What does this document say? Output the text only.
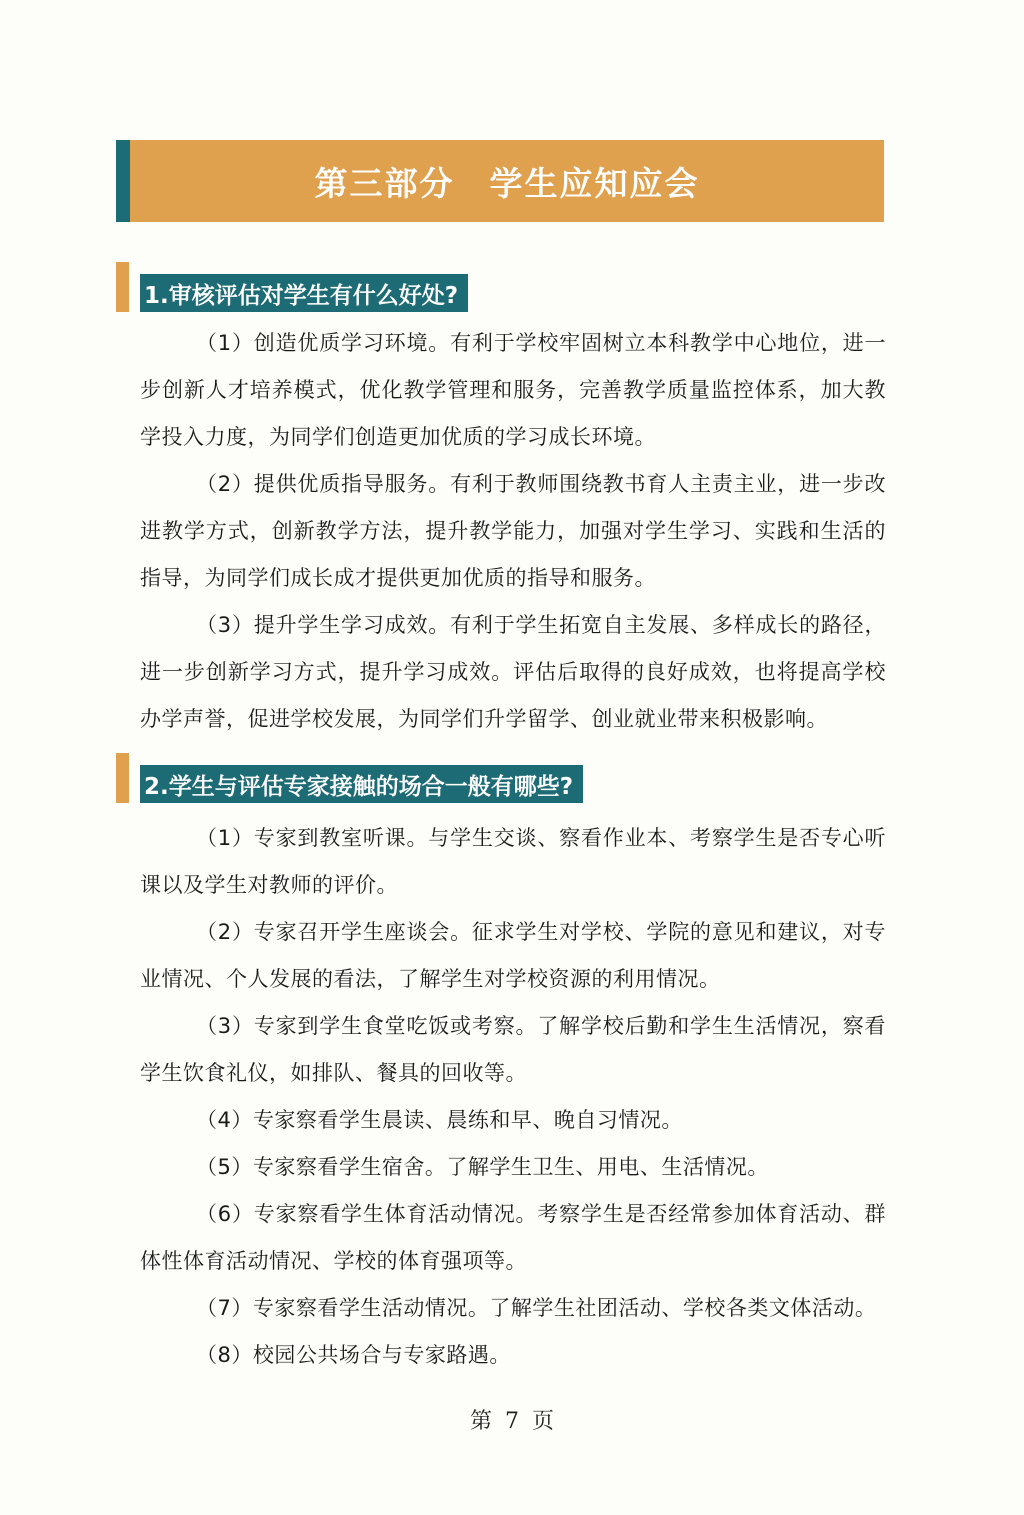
第三部分　学生应知应会
1.审核评估对学生有什么好处?

（1）创造优质学习环境。有利于学校牢固树立本科教学中心地位，进一步创新人才培养模式，优化教学管理和服务，完善教学质量监控体系，加大教学投入力度，为同学们创造更加优质的学习成长环境。

（2）提供优质指导服务。有利于教师围绕教书育人主责主业，进一步改进教学方式，创新教学方法，提升教学能力，加强对学生学习、实践和生活的指导，为同学们成长成才提供更加优质的指导和服务。

（3）提升学生学习成效。有利于学生拓宽自主发展、多样成长的路径，进一步创新学习方式，提升学习成效。评估后取得的良好成效，也将提高学校办学声誉，促进学校发展，为同学们升学留学、创业就业带来积极影响。

2.学生与评估专家接触的场合一般有哪些?

（1）专家到教室听课。与学生交谈、察看作业本、考察学生是否专心听课以及学生对教师的评价。

（2）专家召开学生座谈会。征求学生对学校、学院的意见和建议，对专业情况、个人发展的看法，了解学生对学校资源的利用情况。

（3）专家到学生食堂吃饭或考察。了解学校后勤和学生生活情况，察看学生饮食礼仪，如排队、餐具的回收等。

（4）专家察看学生晨读、晨练和早、晚自习情况。

（5）专家察看学生宿舍。了解学生卫生、用电、生活情况。

（6）专家察看学生体育活动情况。考察学生是否经常参加体育活动、群体性体育活动情况、学校的体育强项等。

（7）专家察看学生活动情况。了解学生社团活动、学校各类文体活动。

（8）校园公共场合与专家路遇。

第 7 页
